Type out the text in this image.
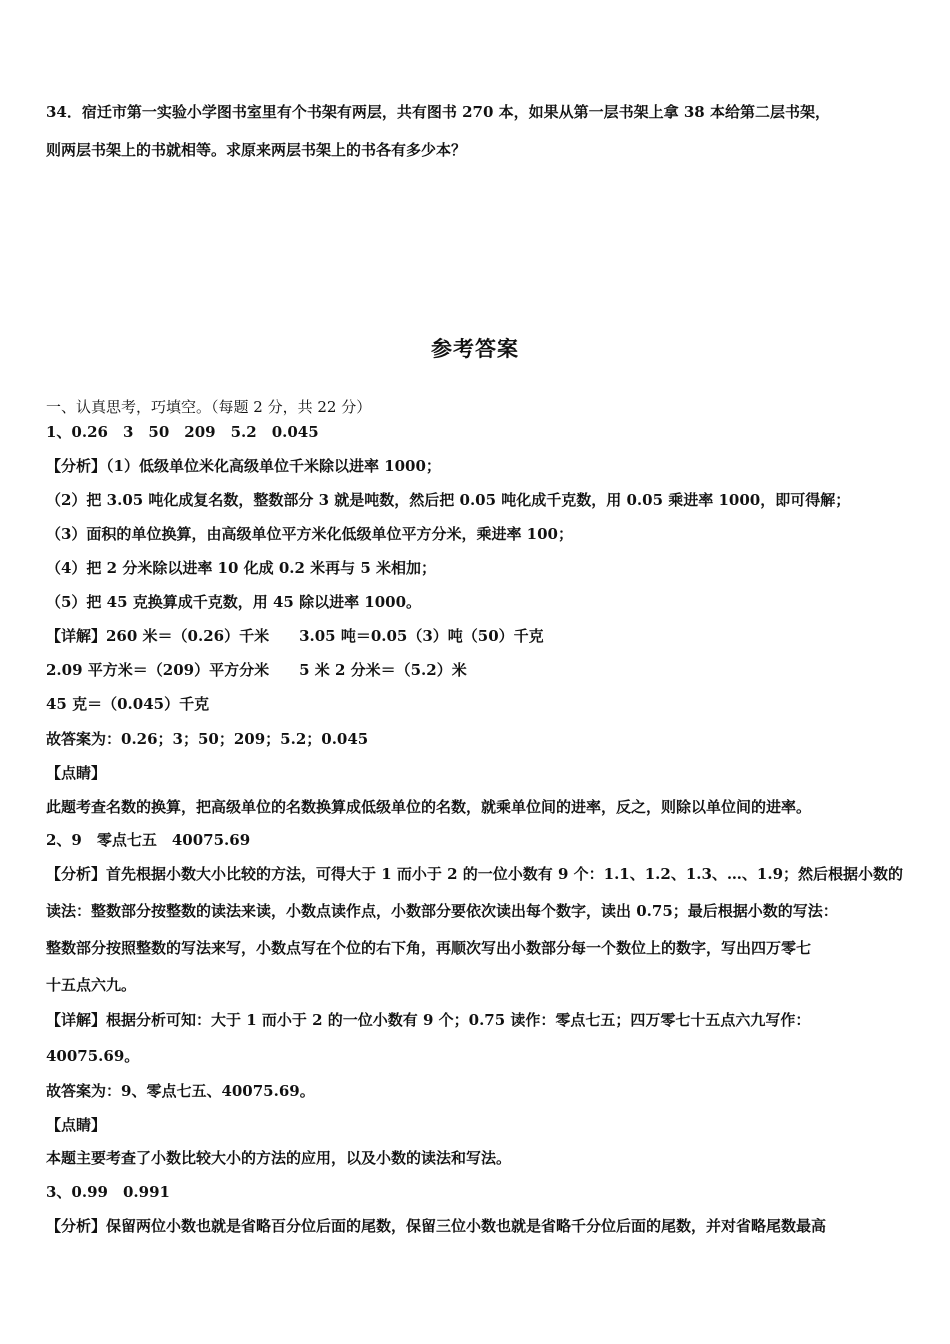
34．宿迁市第一实验小学图书室里有个书架有两层，共有图书 270 本，如果从第一层书架上拿 38 本给第二层书架，
则两层书架上的书就相等。求原来两层书架上的书各有多少本？
参考答案
一、认真思考，巧填空。（每题 2 分，共 22 分）
1、0.26　3　50　209　5.2　0.045
【分析】（1）低级单位米化高级单位千米除以进率 1000；
（2）把 3.05 吨化成复名数，整数部分 3 就是吨数，然后把 0.05 吨化成千克数，用 0.05 乘进率 1000，即可得解；
（3）面积的单位换算，由高级单位平方米化低级单位平方分米，乘进率 100；
（4）把 2 分米除以进率 10 化成 0.2 米再与 5 米相加；
（5）把 45 克换算成千克数，用 45 除以进率 1000。
【详解】260 米＝（0.26）千米　　3.05 吨＝0.05（3）吨（50）千克
2.09 平方米＝（209）平方分米　　5 米 2 分米＝（5.2）米
45 克＝（0.045）千克
故答案为：0.26；3；50；209；5.2；0.045
【点睛】
此题考查名数的换算，把高级单位的名数换算成低级单位的名数，就乘单位间的进率，反之，则除以单位间的进率。
2、9　零点七五　40075.69
【分析】首先根据小数大小比较的方法，可得大于 1 而小于 2 的一位小数有 9 个：1.1、1.2、1.3、…、1.9；然后根据小数的
读法：整数部分按整数的读法来读，小数点读作点，小数部分要依次读出每个数字，读出 0.75；最后根据小数的写法：
整数部分按照整数的写法来写，小数点写在个位的右下角，再顺次写出小数部分每一个数位上的数字，写出四万零七
十五点六九。
【详解】根据分析可知：大于 1 而小于 2 的一位小数有 9 个；0.75 读作：零点七五；四万零七十五点六九写作：
40075.69。
故答案为：9、零点七五、40075.69。
【点睛】
本题主要考查了小数比较大小的方法的应用，以及小数的读法和写法。
3、0.99　0.991
【分析】保留两位小数也就是省略百分位后面的尾数，保留三位小数也就是省略千分位后面的尾数，并对省略尾数最高
